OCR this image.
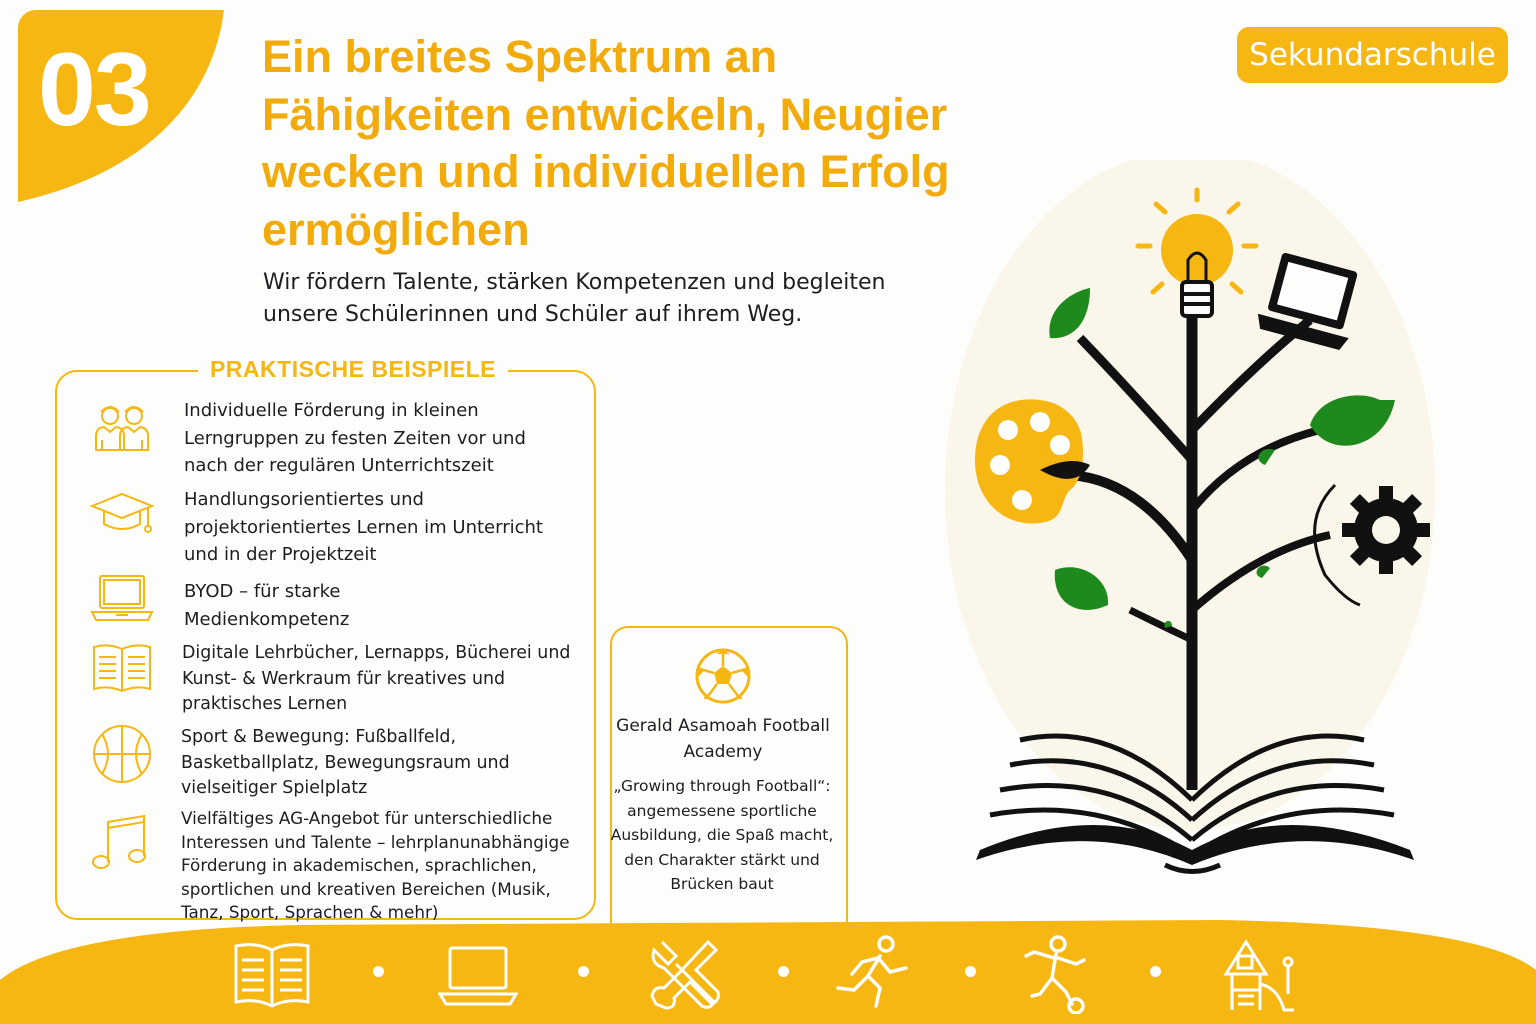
03	Sekundarschule
Ein breites Spektrum an Fähigkeiten entwickeln, Neugier wecken und individuellen Erfolg ermöglichen
Wir fördern Talente, stärken Kompetenzen und begleiten unsere Schülerinnen und Schüler auf ihrem Weg.
PRAKTISCHE BEISPIELE
Individuelle Förderung in kleinen Lerngruppen zu festen Zeiten vor und nach der regulären Unterrichtszeit
Handlungsorientiertes und projektorientiertes Lernen im Unterricht und in der Projektzeit
BYOD – für starke Medienkompetenz
Digitale Lehrbücher, Lernapps, Bücherei und Kunst- & Werkraum für kreatives und praktisches Lernen
Sport & Bewegung: Fußballfeld, Basketballplatz, Bewegungsraum und vielseitiger Spielplatz
Vielfältiges AG-Angebot für unterschiedliche Interessen und Talente – lehrplanunabhängige Förderung in akademischen, sprachlichen, sportlichen und kreativen Bereichen (Musik, Tanz, Sport, Sprachen & mehr)
Gerald Asamoah Football Academy
„Growing through Football“: angemessene sportliche Ausbildung, die Spaß macht, den Charakter stärkt und Brücken baut
